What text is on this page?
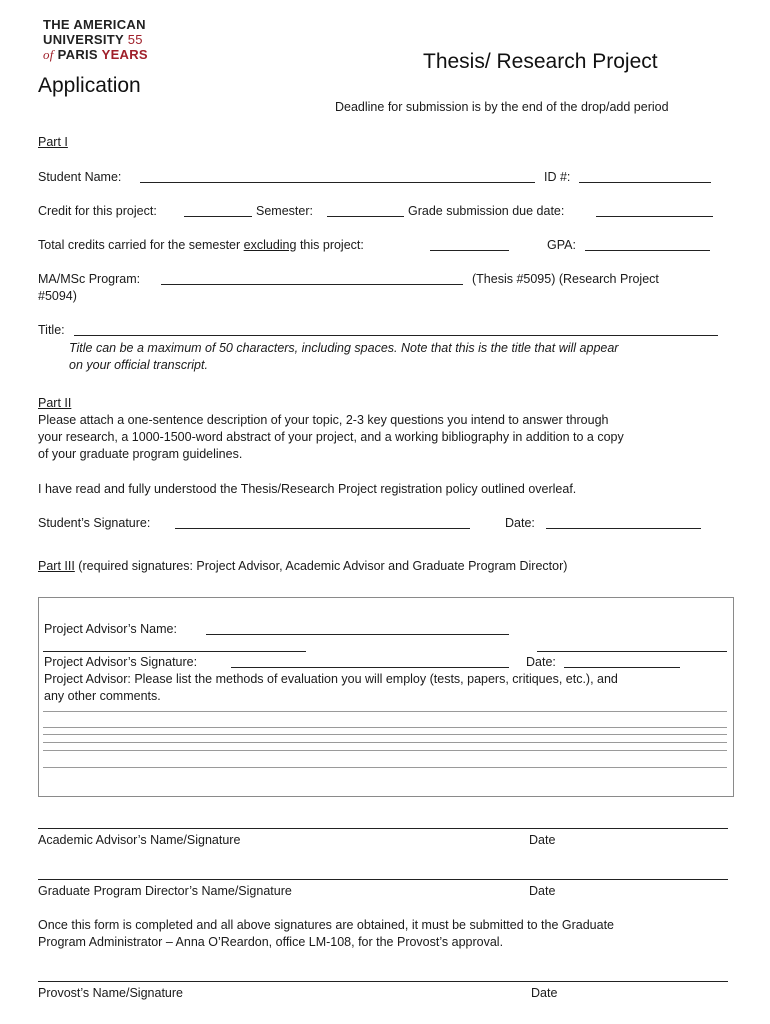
THE AMERICAN
UNIVERSITY 55
of PARIS YEARS	Thesis/ Research Project
Application
Deadline for submission is by the end of the drop/add period
Part I
Student Name:	ID #:
Credit for this project:	Semester:	Grade submission due date:
Total credits carried for the semester excluding this project:	GPA:
MA/MSc Program:	(Thesis #5095) (Research Project
#5094)
Title:
Title can be a maximum of 50 characters, including spaces. Note that this is the title that will appear
on your official transcript.
Part II
Please attach a one-sentence description of your topic, 2-3 key questions you intend to answer through
your research, a 1000-1500-word abstract of your project, and a working bibliography in addition to a copy
of your graduate program guidelines.
I have read and fully understood the Thesis/Research Project registration policy outlined overleaf.
Student’s Signature:	Date:
Part III (required signatures: Project Advisor, Academic Advisor and Graduate Program Director)
Project Advisor’s Name:
Project Advisor’s Signature:	Date:
Project Advisor: Please list the methods of evaluation you will employ (tests, papers, critiques, etc.), and
any other comments.
Academic Advisor’s Name/Signature	Date
Graduate Program Director’s Name/Signature	Date
Once this form is completed and all above signatures are obtained, it must be submitted to the Graduate
Program Administrator – Anna O’Reardon, office LM-108, for the Provost’s approval.
Provost’s Name/Signature	Date
